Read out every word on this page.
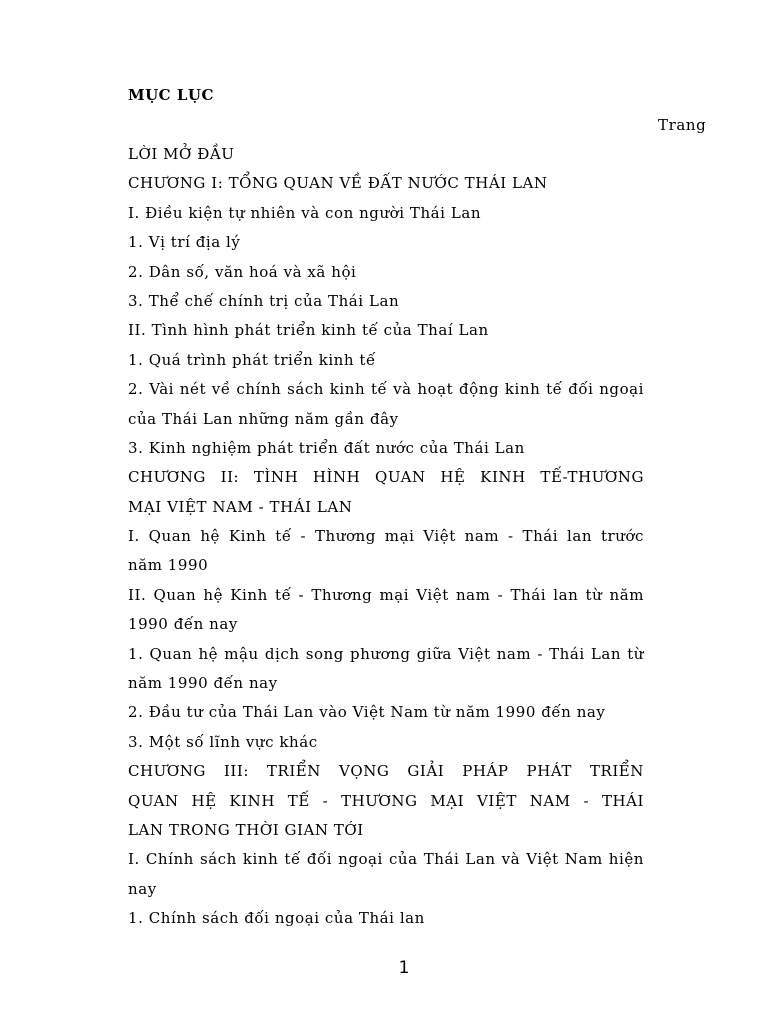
MỤC LỤC
Trang
LỜI MỞ ĐẦU
CHƯƠNG I: TỔNG QUAN VỀ ĐẤT NƯỚC THÁI LAN
I. Điều kiện tự nhiên và con người Thái Lan
1. Vị trí địa lý
2. Dân số, văn hoá và xã hội
3. Thể chế chính trị của Thái Lan
II. Tình hình phát triển kinh tế của Thaí Lan
1. Quá trình phát triển kinh tế
2. Vài nét về chính sách kinh tế và hoạt động kinh tế đối ngoại
của Thái Lan những năm gần đây
3. Kinh nghiệm phát triển đất nước của Thái Lan
CHƯƠNG II: TÌNH HÌNH QUAN HỆ KINH TẾ-THƯƠNG
MẠI VIỆT NAM - THÁI LAN
I. Quan hệ Kinh tế - Thương mại Việt nam - Thái lan trước
năm 1990
II. Quan hệ Kinh tế - Thương mại Việt nam - Thái lan từ năm
1990 đến nay
1. Quan hệ mậu dịch song phương giữa Việt nam - Thái Lan từ
năm 1990 đến nay
2. Đầu tư của Thái Lan vào Việt Nam từ năm 1990 đến nay
3. Một số lĩnh vực khác
CHƯƠNG III: TRIỂN VỌNG GIẢI PHÁP PHÁT TRIỂN
QUAN HỆ KINH TẾ - THƯƠNG MẠI VIỆT NAM - THÁI
LAN TRONG THỜI GIAN TỚI
I. Chính sách kinh tế đối ngoại của Thái Lan và Việt Nam hiện
nay
1. Chính sách đối ngoại của Thái lan
1
